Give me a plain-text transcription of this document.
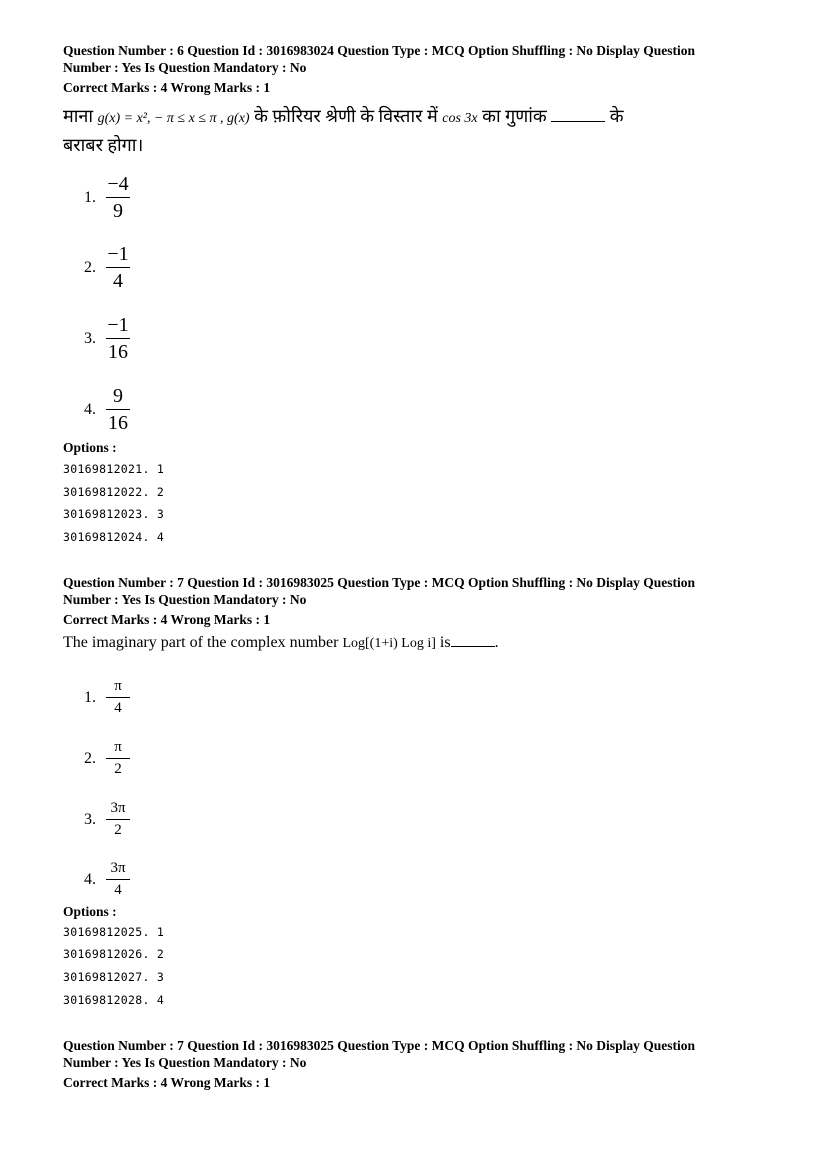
Question Number : 6 Question Id : 3016983024 Question Type : MCQ Option Shuffling : No Display Question
Number : Yes Is Question Mandatory : No
Correct Marks : 4 Wrong Marks : 1
माना g(x) = x², − π ≤ x ≤ π , g(x) के फ़ोरियर श्रेणी के विस्तार में cos 3x का गुणांक	के
बराबर होगा।
1. $\frac{-4}{9}$
2. $\frac{-1}{4}$
3. $\frac{-1}{16}$
4. $\frac{9}{16}$
Options :
30169812021. 1
30169812022. 2
30169812023. 3
30169812024. 4
Question Number : 7 Question Id : 3016983025 Question Type : MCQ Option Shuffling : No Display Question
Number : Yes Is Question Mandatory : No
Correct Marks : 4 Wrong Marks : 1
The imaginary part of the complex number Log[(1+i) Log i] is	.
1. $\frac{\pi}{4}$
2. $\frac{\pi}{2}$
3. $\frac{3\pi}{2}$
4. $\frac{3\pi}{4}$
Options :
30169812025. 1
30169812026. 2
30169812027. 3
30169812028. 4
Question Number : 7 Question Id : 3016983025 Question Type : MCQ Option Shuffling : No Display Question
Number : Yes Is Question Mandatory : No
Correct Marks : 4 Wrong Marks : 1
